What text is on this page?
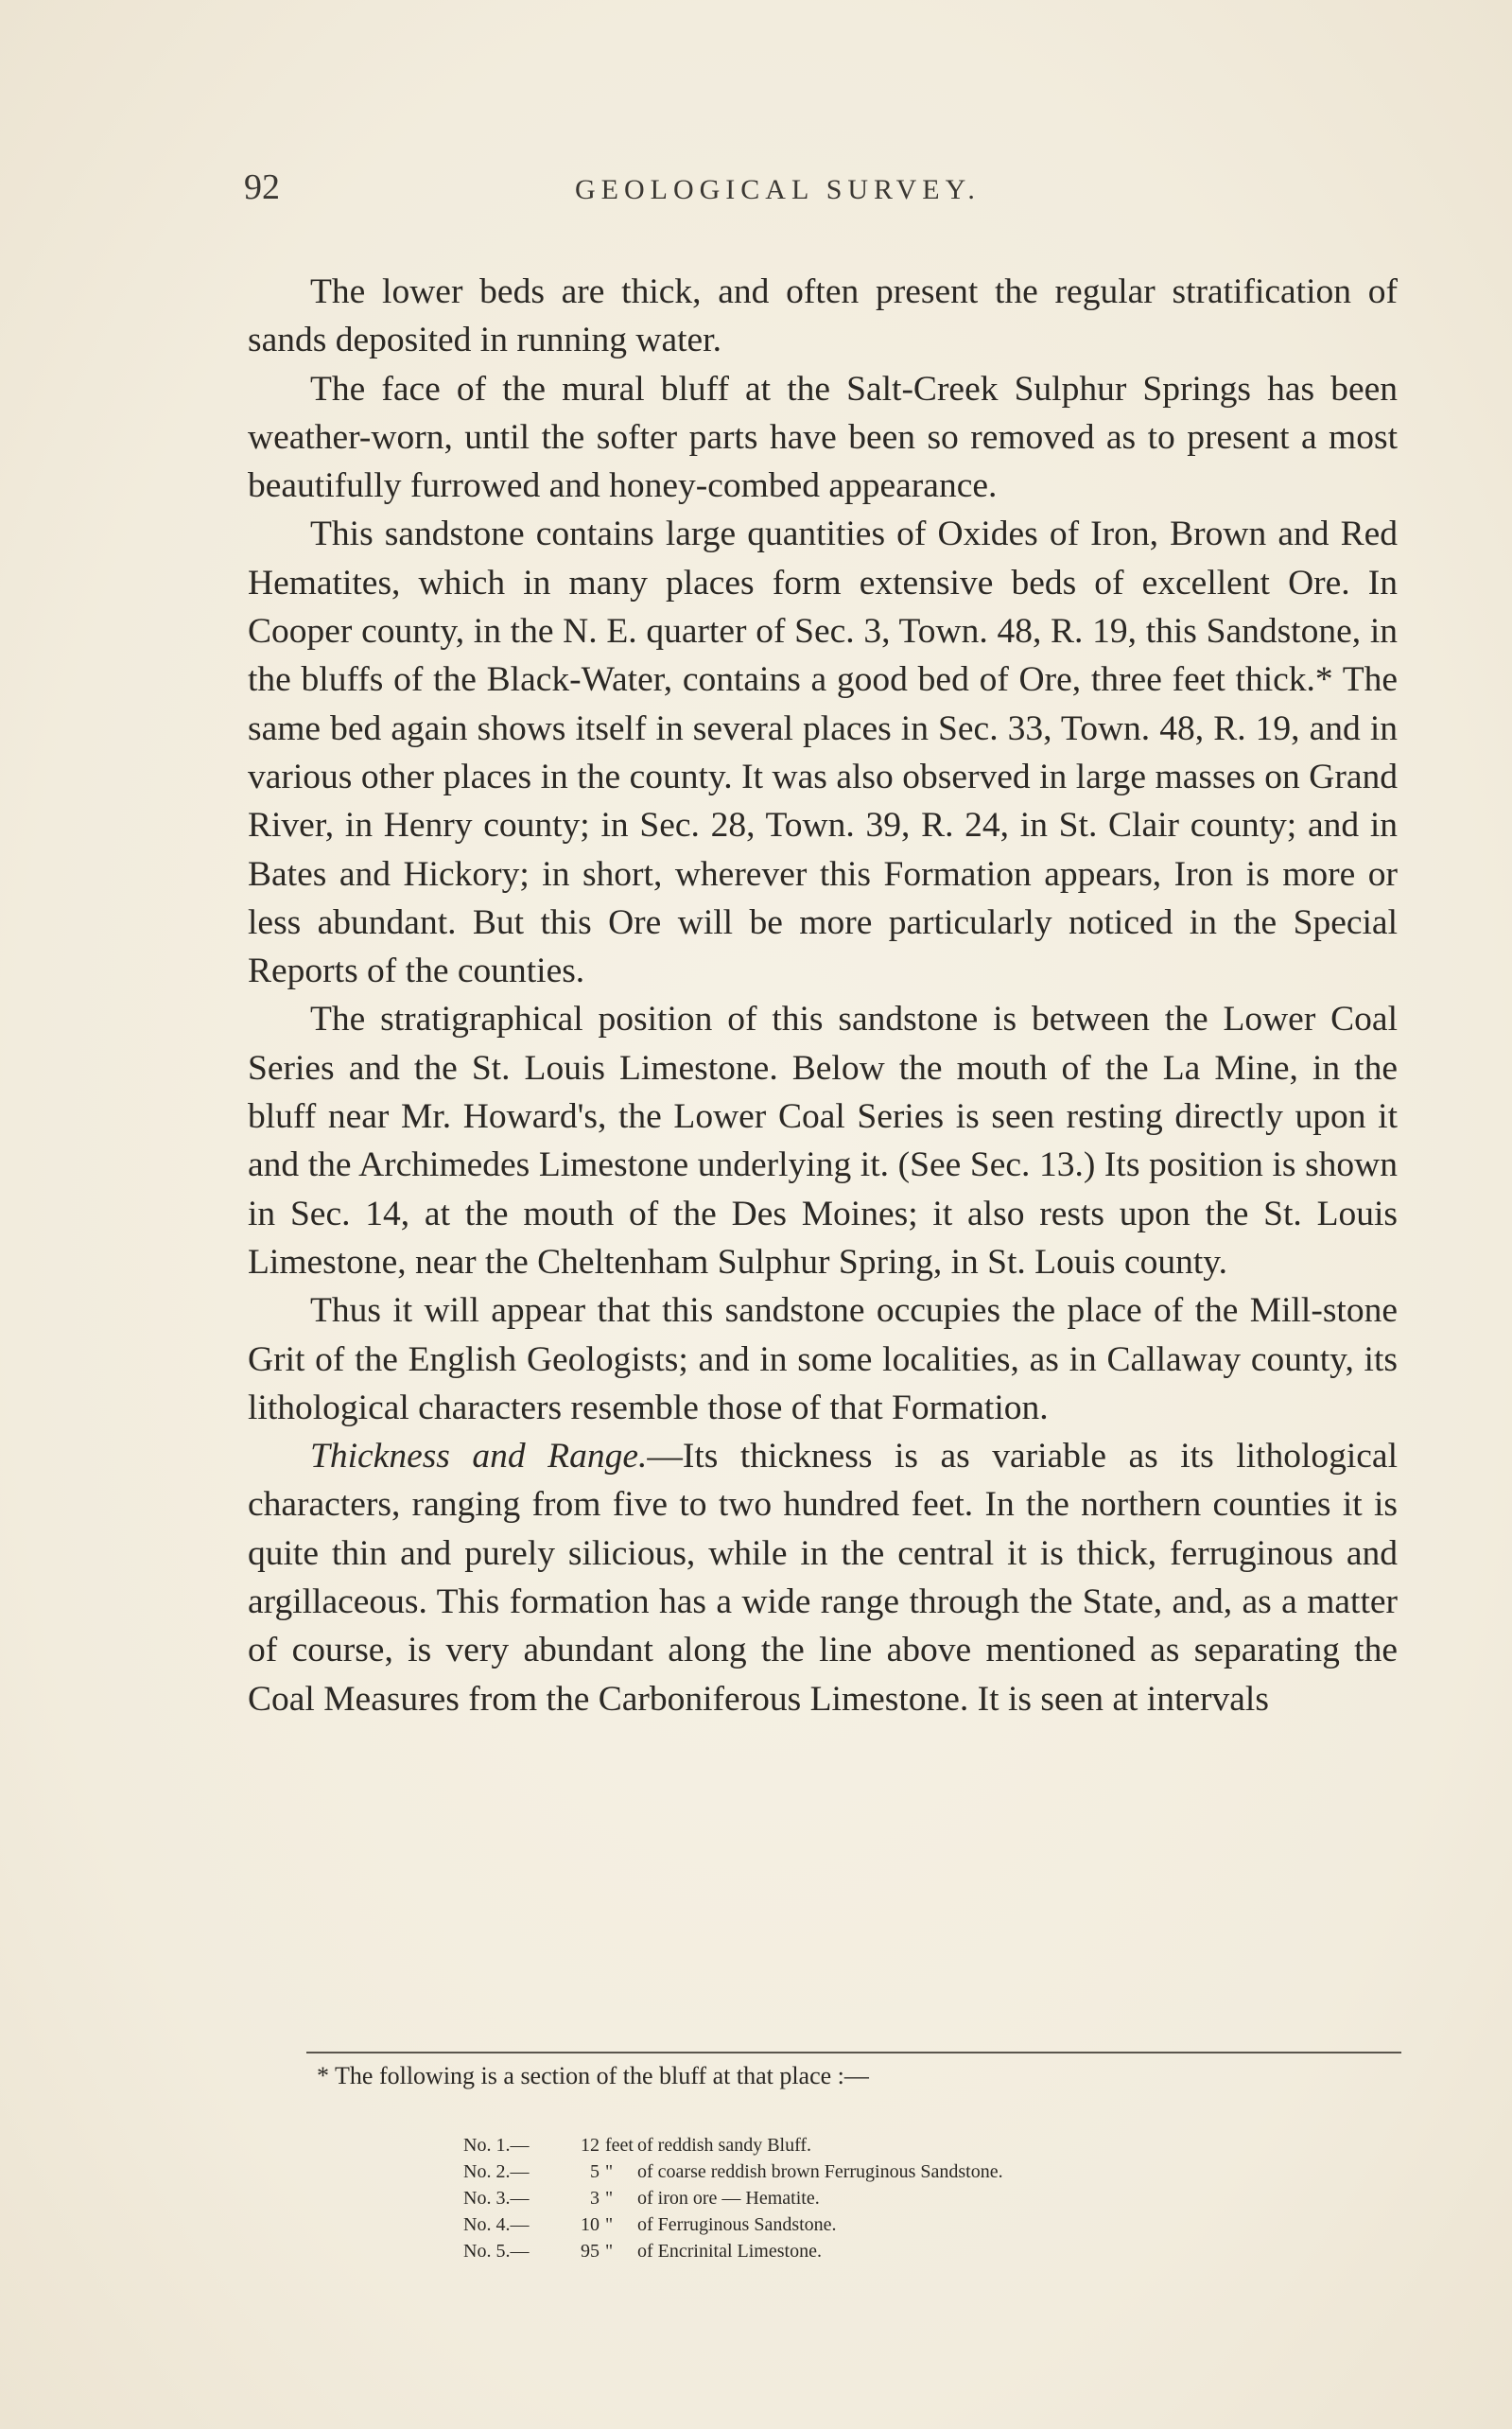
92	GEOLOGICAL SURVEY.

The lower beds are thick, and often present the regular stratification of sands deposited in running water.

The face of the mural bluff at the Salt-Creek Sulphur Springs has been weather-worn, until the softer parts have been so removed as to present a most beautifully furrowed and honey-combed appearance.

This sandstone contains large quantities of Oxides of Iron, Brown and Red Hematites, which in many places form extensive beds of excellent Ore. In Cooper county, in the N. E. quarter of Sec. 3, Town. 48, R. 19, this Sandstone, in the bluffs of the Black-Water, contains a good bed of Ore, three feet thick.* The same bed again shows itself in several places in Sec. 33, Town. 48, R. 19, and in various other places in the county. It was also observed in large masses on Grand River, in Henry county; in Sec. 28, Town. 39, R. 24, in St. Clair county; and in Bates and Hickory; in short, wherever this Formation appears, Iron is more or less abundant. But this Ore will be more particularly noticed in the Special Reports of the counties.

The stratigraphical position of this sandstone is between the Lower Coal Series and the St. Louis Limestone. Below the mouth of the La Mine, in the bluff near Mr. Howard's, the Lower Coal Series is seen resting directly upon it and the Archimedes Limestone underlying it. (See Sec. 13.) Its position is shown in Sec. 14, at the mouth of the Des Moines; it also rests upon the St. Louis Limestone, near the Cheltenham Sulphur Spring, in St. Louis county.

Thus it will appear that this sandstone occupies the place of the Mill-stone Grit of the English Geologists; and in some localities, as in Callaway county, its lithological characters resemble those of that Formation.

Thickness and Range.—Its thickness is as variable as its lithological characters, ranging from five to two hundred feet. In the northern counties it is quite thin and purely silicious, while in the central it is thick, ferruginous and argillaceous. This formation has a wide range through the State, and, as a matter of course, is very abundant along the line above mentioned as separating the Coal Measures from the Carboniferous Limestone. It is seen at intervals

* The following is a section of the bluff at that place :—

No. 1.—	12 feet of reddish sandy Bluff.
No. 2.—	5 "	of coarse reddish brown Ferruginous Sandstone.
No. 3.—	3 "	of iron ore — Hematite.
No. 4.—	10 "	of Ferruginous Sandstone.
No. 5.—	95 "	of Encrinital Limestone.
